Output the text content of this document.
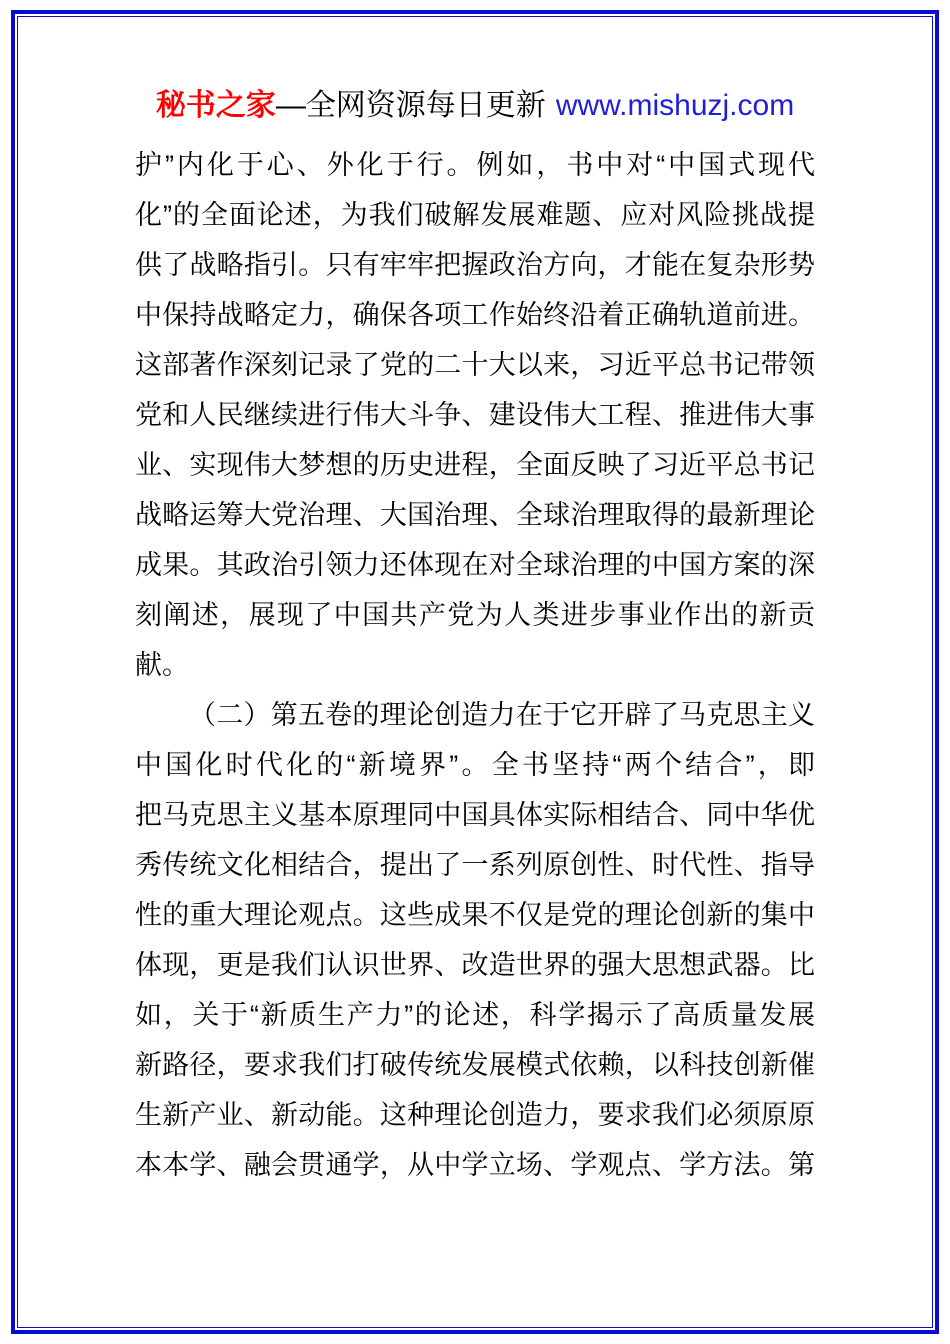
秘书之家—全网资源每日更新 www.mishuzj.com
护”内化于心、外化于行。例如，书中对“中国式现代
化”的全面论述，为我们破解发展难题、应对风险挑战提
供了战略指引。只有牢牢把握政治方向，才能在复杂形势
中保持战略定力，确保各项工作始终沿着正确轨道前进。
这部著作深刻记录了党的二十大以来，习近平总书记带领
党和人民继续进行伟大斗争、建设伟大工程、推进伟大事
业、实现伟大梦想的历史进程，全面反映了习近平总书记
战略运筹大党治理、大国治理、全球治理取得的最新理论
成果。其政治引领力还体现在对全球治理的中国方案的深
刻阐述，展现了中国共产党为人类进步事业作出的新贡
献。
（二）第五卷的理论创造力在于它开辟了马克思主义
中国化时代化的“新境界”。全书坚持“两个结合”，即
把马克思主义基本原理同中国具体实际相结合、同中华优
秀传统文化相结合，提出了一系列原创性、时代性、指导
性的重大理论观点。这些成果不仅是党的理论创新的集中
体现，更是我们认识世界、改造世界的强大思想武器。比
如，关于“新质生产力”的论述，科学揭示了高质量发展
新路径，要求我们打破传统发展模式依赖，以科技创新催
生新产业、新动能。这种理论创造力，要求我们必须原原
本本学、融会贯通学，从中学立场、学观点、学方法。第
